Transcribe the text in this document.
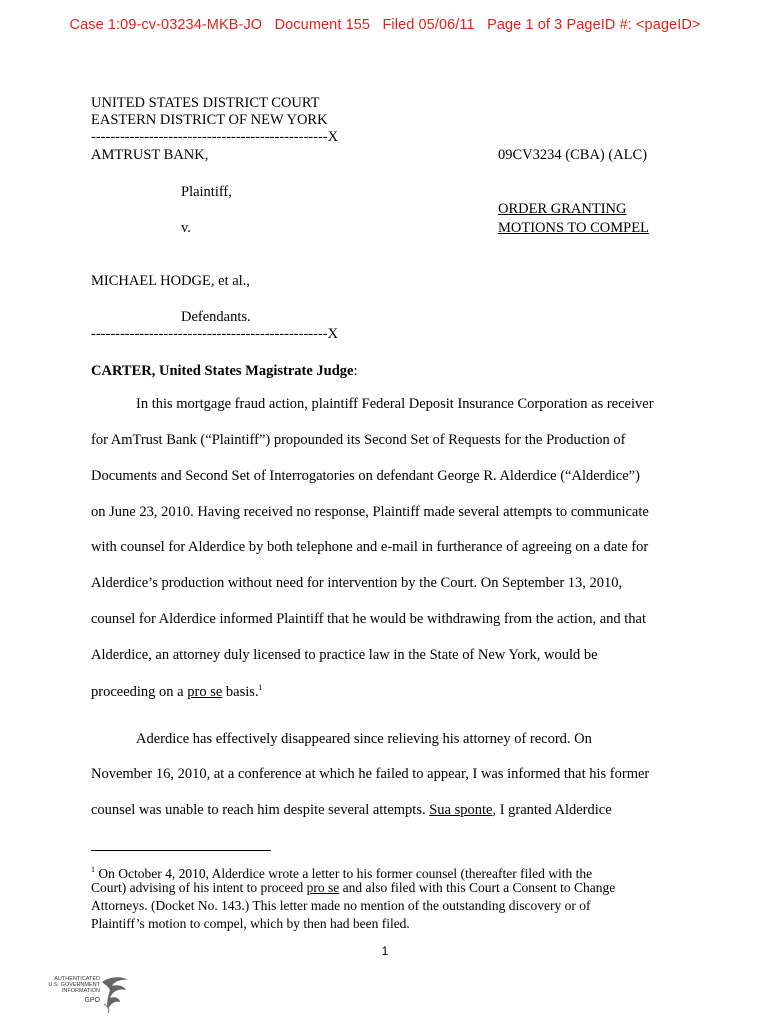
Case 1:09-cv-03234-MKB-JO   Document 155   Filed 05/06/11   Page 1 of 3 PageID #: <pageID>
UNITED STATES DISTRICT COURT
EASTERN DISTRICT OF NEW YORK
-------------------------------------------------X
AMTRUST BANK,	09CV3234 (CBA) (ALC)
Plaintiff,
ORDER GRANTING
v.	MOTIONS TO COMPEL
MICHAEL HODGE, et al.,
Defendants.
-------------------------------------------------X
CARTER, United States Magistrate Judge:
In this mortgage fraud action, plaintiff Federal Deposit Insurance Corporation as receiver
for AmTrust Bank (“Plaintiff”) propounded its Second Set of Requests for the Production of
Documents and Second Set of Interrogatories on defendant George R. Alderdice (“Alderdice”)
on June 23, 2010. Having received no response, Plaintiff made several attempts to communicate
with counsel for Alderdice by both telephone and e-mail in furtherance of agreeing on a date for
Alderdice’s production without need for intervention by the Court. On September 13, 2010,
counsel for Alderdice informed Plaintiff that he would be withdrawing from the action, and that
Alderdice, an attorney duly licensed to practice law in the State of New York, would be
proceeding on a pro se basis.$^1$
Aderdice has effectively disappeared since relieving his attorney of record. On
November 16, 2010, at a conference at which he failed to appear, I was informed that his former
counsel was unable to reach him despite several attempts. Sua sponte, I granted Alderdice
$^1$ On October 4, 2010, Alderdice wrote a letter to his former counsel (thereafter filed with the
Court) advising of his intent to proceed pro se and also filed with this Court a Consent to Change
Attorneys. (Docket No. 143.) This letter made no mention of the outstanding discovery or of
Plaintiff’s motion to compel, which by then had been filed.
1
AUTHENTICATED
U.S. GOVERNMENT
INFORMATION
GPO
